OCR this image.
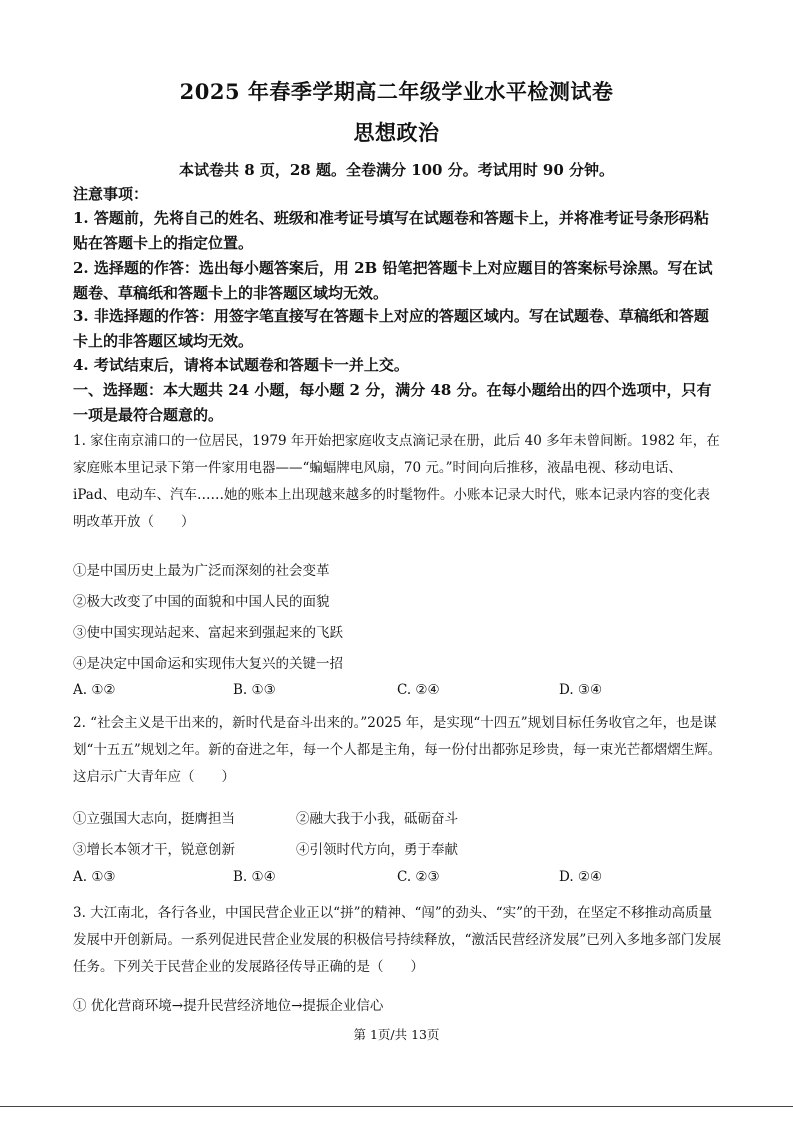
2025 年春季学期高二年级学业水平检测试卷
思想政治
本试卷共 8 页，28 题。全卷满分 100 分。考试用时 90 分钟。
注意事项：
1. 答题前，先将自己的姓名、班级和准考证号填写在试题卷和答题卡上，并将准考证号条形码粘贴在答题卡上的指定位置。
2. 选择题的作答：选出每小题答案后，用 2B 铅笔把答题卡上对应题目的答案标号涂黑。写在试题卷、草稿纸和答题卡上的非答题区域均无效。
3. 非选择题的作答：用签字笔直接写在答题卡上对应的答题区域内。写在试题卷、草稿纸和答题卡上的非答题区域均无效。
4. 考试结束后，请将本试题卷和答题卡一并上交。
一、选择题：本大题共 24 小题，每小题 2 分，满分 48 分。在每小题给出的四个选项中，只有一项是最符合题意的。
1. 家住南京浦口的一位居民，1979 年开始把家庭收支点滴记录在册，此后 40 多年未曾间断。1982 年，在家庭账本里记录下第一件家用电器——“蝙蝠牌电风扇，70 元。”时间向后推移，液晶电视、移动电话、iPad、电动车、汽车……她的账本上出现越来越多的时髦物件。小账本记录大时代，账本记录内容的变化表明改革开放（　　）
①是中国历史上最为广泛而深刻的社会变革
②极大改变了中国的面貌和中国人民的面貌
③使中国实现站起来、富起来到强起来的飞跃
④是决定中国命运和实现伟大复兴的关键一招
A. ①②	B. ①③	C. ②④	D. ③④
2. “社会主义是干出来的，新时代是奋斗出来的。”2025 年，是实现“十四五”规划目标任务收官之年，也是谋划“十五五”规划之年。新的奋进之年，每一个人都是主角，每一份付出都弥足珍贵，每一束光芒都熠熠生辉。这启示广大青年应（　　）
①立强国大志向，挺膺担当	②融大我于小我，砥砺奋斗
③增长本领才干，锐意创新	④引领时代方向，勇于奉献
A. ①③	B. ①④	C. ②③	D. ②④
3. 大江南北，各行各业，中国民营企业正以“拼”的精神、“闯”的劲头、“实”的干劲，在坚定不移推动高质量发展中开创新局。一系列促进民营企业发展的积极信号持续释放，“激活民营经济发展”已列入多地多部门发展任务。下列关于民营企业的发展路径传导正确的是（　　）
① 优化营商环境→提升民营经济地位→提振企业信心
第 1页/共 13页
